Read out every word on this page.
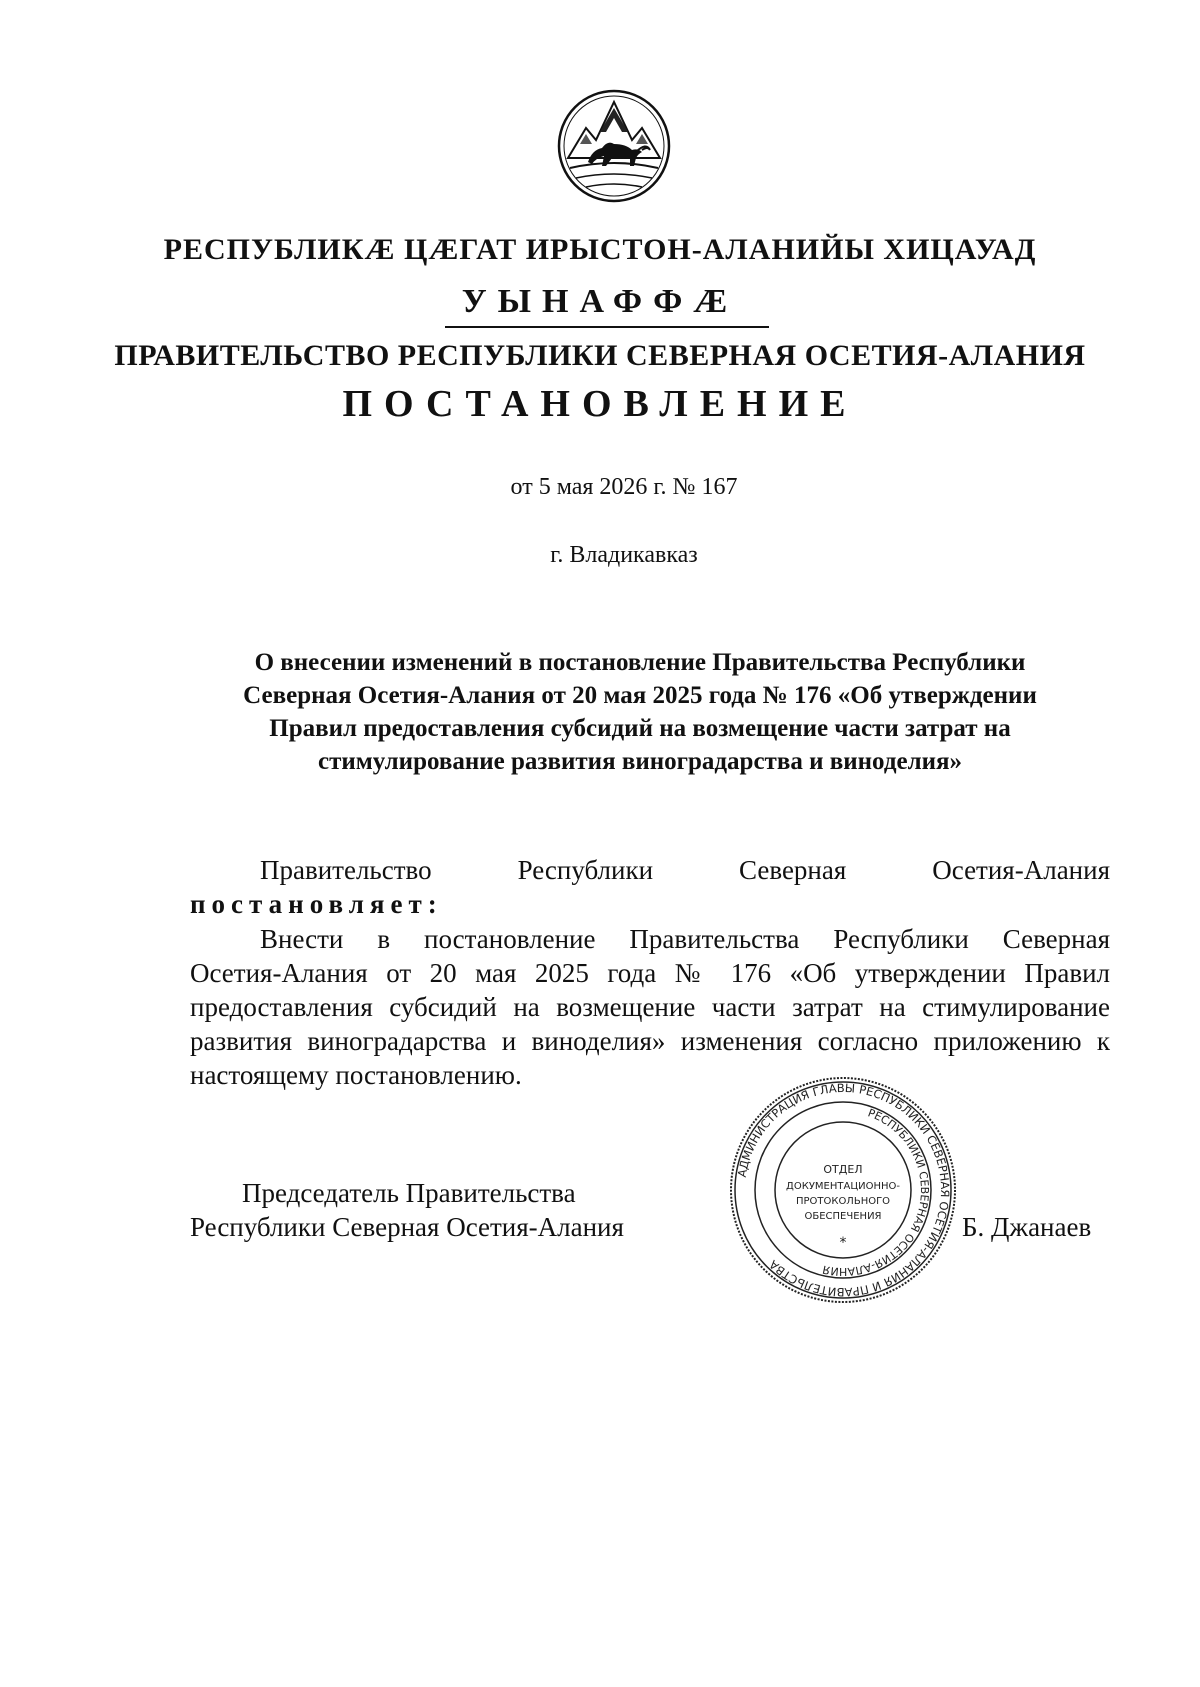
РЕСПУБЛИКÆ ЦÆГАТ ИРЫСТОН-АЛАНИЙЫ ХИЦАУАД
УЫНАФФÆ
ПРАВИТЕЛЬСТВО РЕСПУБЛИКИ СЕВЕРНАЯ ОСЕТИЯ-АЛАНИЯ
ПОСТАНОВЛЕНИЕ
от 5 мая 2026 г. № 167
г. Владикавказ
О внесении изменений в постановление Правительства Республики
Северная Осетия-Алания от 20 мая 2025 года № 176 «Об утверждении
Правил предоставления субсидий на возмещение части затрат на
стимулирование развития виноградарства и виноделия»
Правительство	Республики	Северная	Осетия-Алания
постановляет:
Внести в постановление Правительства Республики Северная
Осетия-Алания от 20 мая 2025 года № 176 «Об утверждении Правил
предоставления субсидий на возмещение части затрат на стимулирование
развития виноградарства и виноделия» изменения согласно приложению к
настоящему постановлению.
Председатель Правительства
Республики Северная Осетия-Алания
АДМИНИСТРАЦИЯ ГЛАВЫ РЕСПУБЛИКИ СЕВЕРНАЯ ОСЕТИЯ-АЛАНИЯ И ПРАВИТЕЛЬСТВА
РЕСПУБЛИКИ СЕВЕРНАЯ ОСЕТИЯ-АЛАНИЯ
ОТДЕЛ
ДОКУМЕНТАЦИОННО-
ПРОТОКОЛЬНОГО
ОБЕСПЕЧЕНИЯ
*
Б. Джанаев
